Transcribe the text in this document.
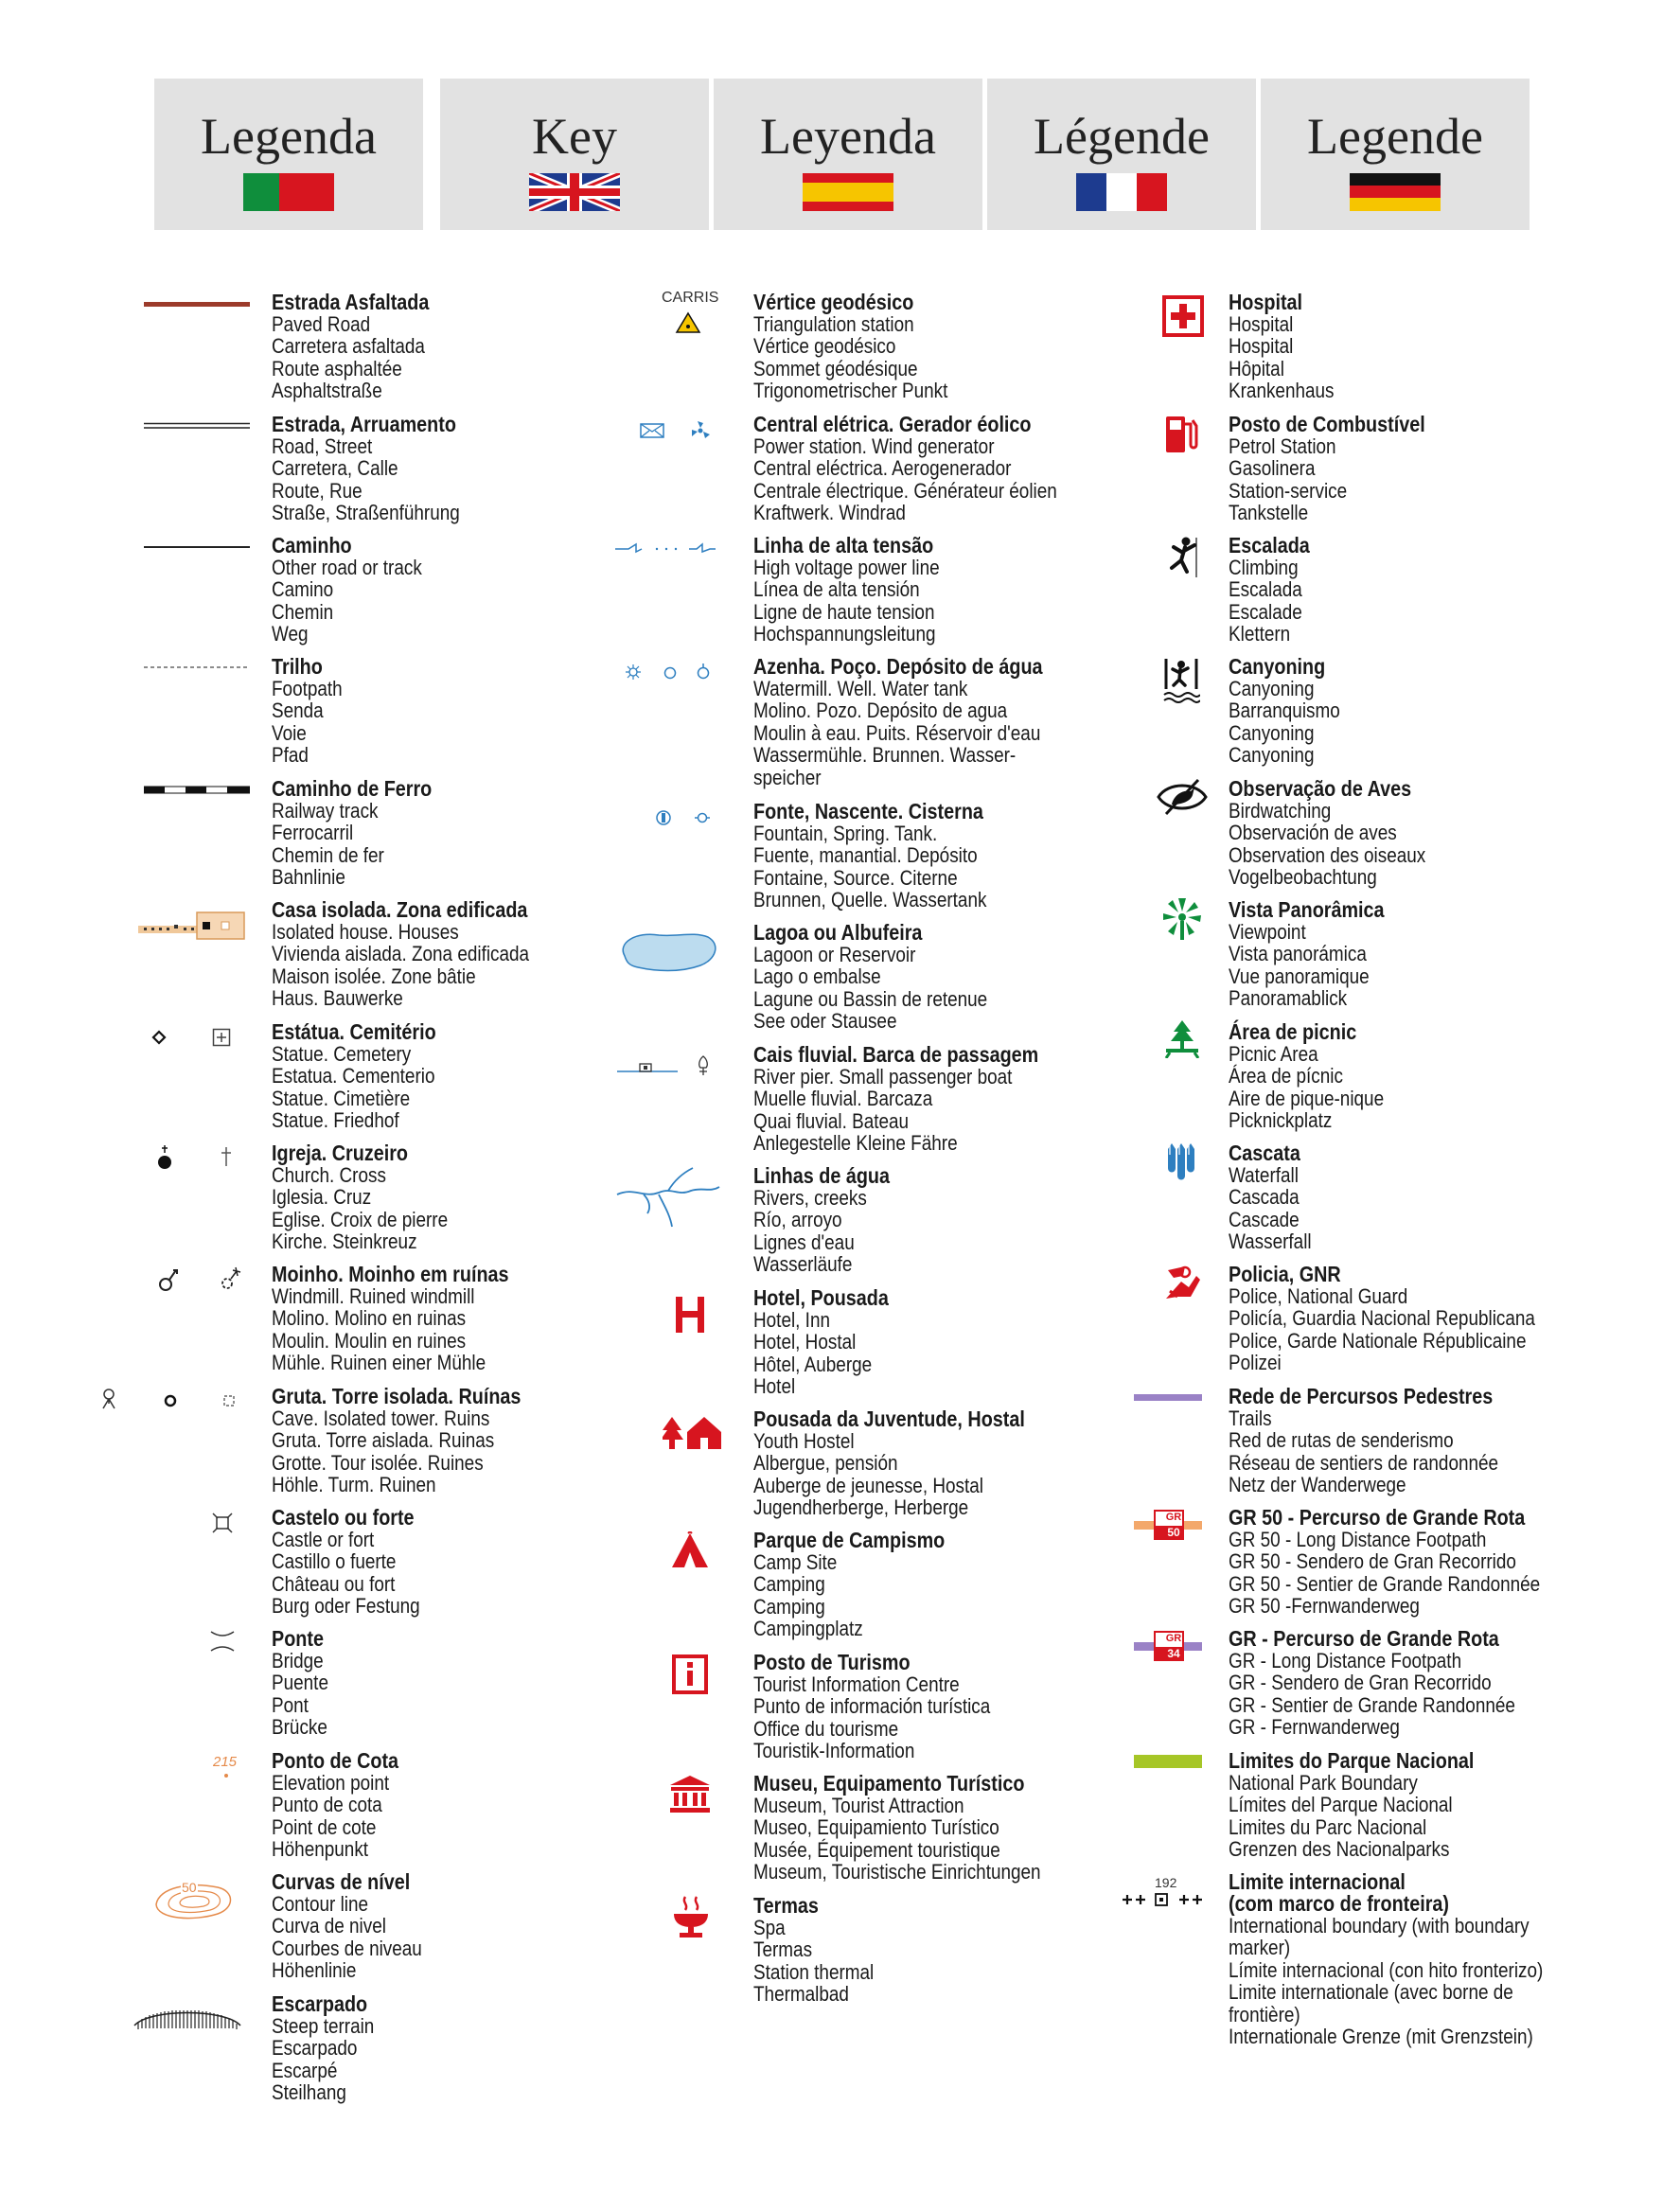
Legenda	Key	Leyenda	Légende	Legende
Estrada Asfaltada
Paved Road
Carretera asfaltada
Route asphaltée
Asphaltstraße
Estrada, Arruamento
Road, Street
Carretera, Calle
Route, Rue
Straße, Straßenführung
Caminho
Other road or track
Camino
Chemin
Weg
Trilho
Footpath
Senda
Voie
Pfad
Caminho de Ferro
Railway track
Ferrocarril
Chemin de fer
Bahnlinie
Casa isolada. Zona edificada
Isolated house. Houses
Vivienda aislada. Zona edificada
Maison isolée. Zone bâtie
Haus. Bauwerke
Estátua. Cemitério
Statue. Cemetery
Estatua. Cementerio
Statue. Cimetière
Statue. Friedhof
Igreja. Cruzeiro
Church. Cross
Iglesia. Cruz
Eglise. Croix de pierre
Kirche. Steinkreuz
Moinho. Moinho em ruínas
Windmill. Ruined windmill
Molino. Molino en ruinas
Moulin. Moulin en ruines
Mühle. Ruinen einer Mühle
Gruta. Torre isolada. Ruínas
Cave. Isolated tower. Ruins
Gruta. Torre aislada. Ruinas
Grotte. Tour isolée. Ruines
Höhle. Turm. Ruinen
Castelo ou forte
Castle or fort
Castillo o fuerte
Château ou fort
Burg oder Festung
Ponte
Bridge
Puente
Pont
Brücke
Ponto de Cota
Elevation point
Punto de cota
Point de cote
Höhenpunkt
Curvas de nível
Contour line
Curva de nivel
Courbes de niveau
Höhenlinie
Escarpado
Steep terrain
Escarpado
Escarpé
Steilhang
215
50
Vértice geodésico
Triangulation station
Vértice geodésico
Sommet géodésique
Trigonometrischer Punkt
Central elétrica. Gerador éolico
Power station. Wind generator
Central eléctrica. Aerogenerador
Centrale électrique. Générateur éolien
Kraftwerk. Windrad
Linha de alta tensão
High voltage power line
Línea de alta tensión
Ligne de haute tension
Hochspannungsleitung
Azenha. Poço. Depósito de água
Watermill. Well. Water tank
Molino. Pozo. Depósito de agua
Moulin à eau. Puits. Réservoir d'eau
Wassermühle. Brunnen. Wasser-
speicher
Fonte, Nascente. Cisterna
Fountain, Spring. Tank.
Fuente, manantial. Depósito
Fontaine, Source. Citerne
Brunnen, Quelle. Wassertank
Lagoa ou Albufeira
Lagoon or Reservoir
Lago o embalse
Lagune ou Bassin de retenue
See oder Stausee
Cais fluvial. Barca de passagem
River pier. Small passenger boat
Muelle fluvial. Barcaza
Quai fluvial. Bateau
Anlegestelle Kleine Fähre
Linhas de água
Rivers, creeks
Río, arroyo
Lignes d'eau
Wasserläufe
Hotel, Pousada
Hotel, Inn
Hotel, Hostal
Hôtel, Auberge
Hotel
Pousada da Juventude, Hostal
Youth Hostel
Albergue, pensión
Auberge de jeunesse, Hostal
Jugendherberge, Herberge
Parque de Campismo
Camp Site
Camping
Camping
Campingplatz
Posto de Turismo
Tourist Information Centre
Punto de información turística
Office du tourisme
Touristik-Information
Museu, Equipamento Turístico
Museum, Tourist Attraction
Museo, Equipamiento Turístico
Musée, Équipement touristique
Museum, Touristische Einrichtungen
Termas
Spa
Termas
Station thermal
Thermalbad
CARRIS	Hospital
Hospital
Hospital
Hôpital
Krankenhaus
Posto de Combustível
Petrol Station
Gasolinera
Station-service
Tankstelle
Escalada
Climbing
Escalada
Escalade
Klettern
Canyoning
Canyoning
Barranquismo
Canyoning
Canyoning
Observação de Aves
Birdwatching
Observación de aves
Observation des oiseaux
Vogelbeobachtung
Vista Panorâmica
Viewpoint
Vista panorámica
Vue panoramique
Panoramablick
Área de picnic
Picnic Area
Área de pícnic
Aire de pique-nique
Picknickplatz
Cascata
Waterfall
Cascada
Cascade
Wasserfall
Policia, GNR
Police, National Guard
Policía, Guardia Nacional Republicana
Police, Garde Nationale Républicaine
Polizei
Rede de Percursos Pedestres
Trails
Red de rutas de senderismo
Réseau de sentiers de randonnée
Netz der Wanderwege
GR 50 - Percurso de Grande Rota
GR 50 - Long Distance Footpath
GR 50 - Sendero de Gran Recorrido
GR 50 - Sentier de Grande Randonnée
GR 50 -Fernwanderweg
GR - Percurso de Grande Rota
GR - Long Distance Footpath
GR - Sendero de Gran Recorrido
GR - Sentier de Grande Randonnée
GR - Fernwanderweg
Limites do Parque Nacional
National Park Boundary
Límites del Parque Nacional
Limites du Parc Nacional
Grenzen des Nacionalparks
Limite internacional
(com marco de fronteira)
International boundary (with boundary marker)
Límite internacional (con hito fronterizo)
Limite internationale (avec borne de frontière)
Internationale Grenze (mit Grenzstein)
GR
50
GR
34
192
